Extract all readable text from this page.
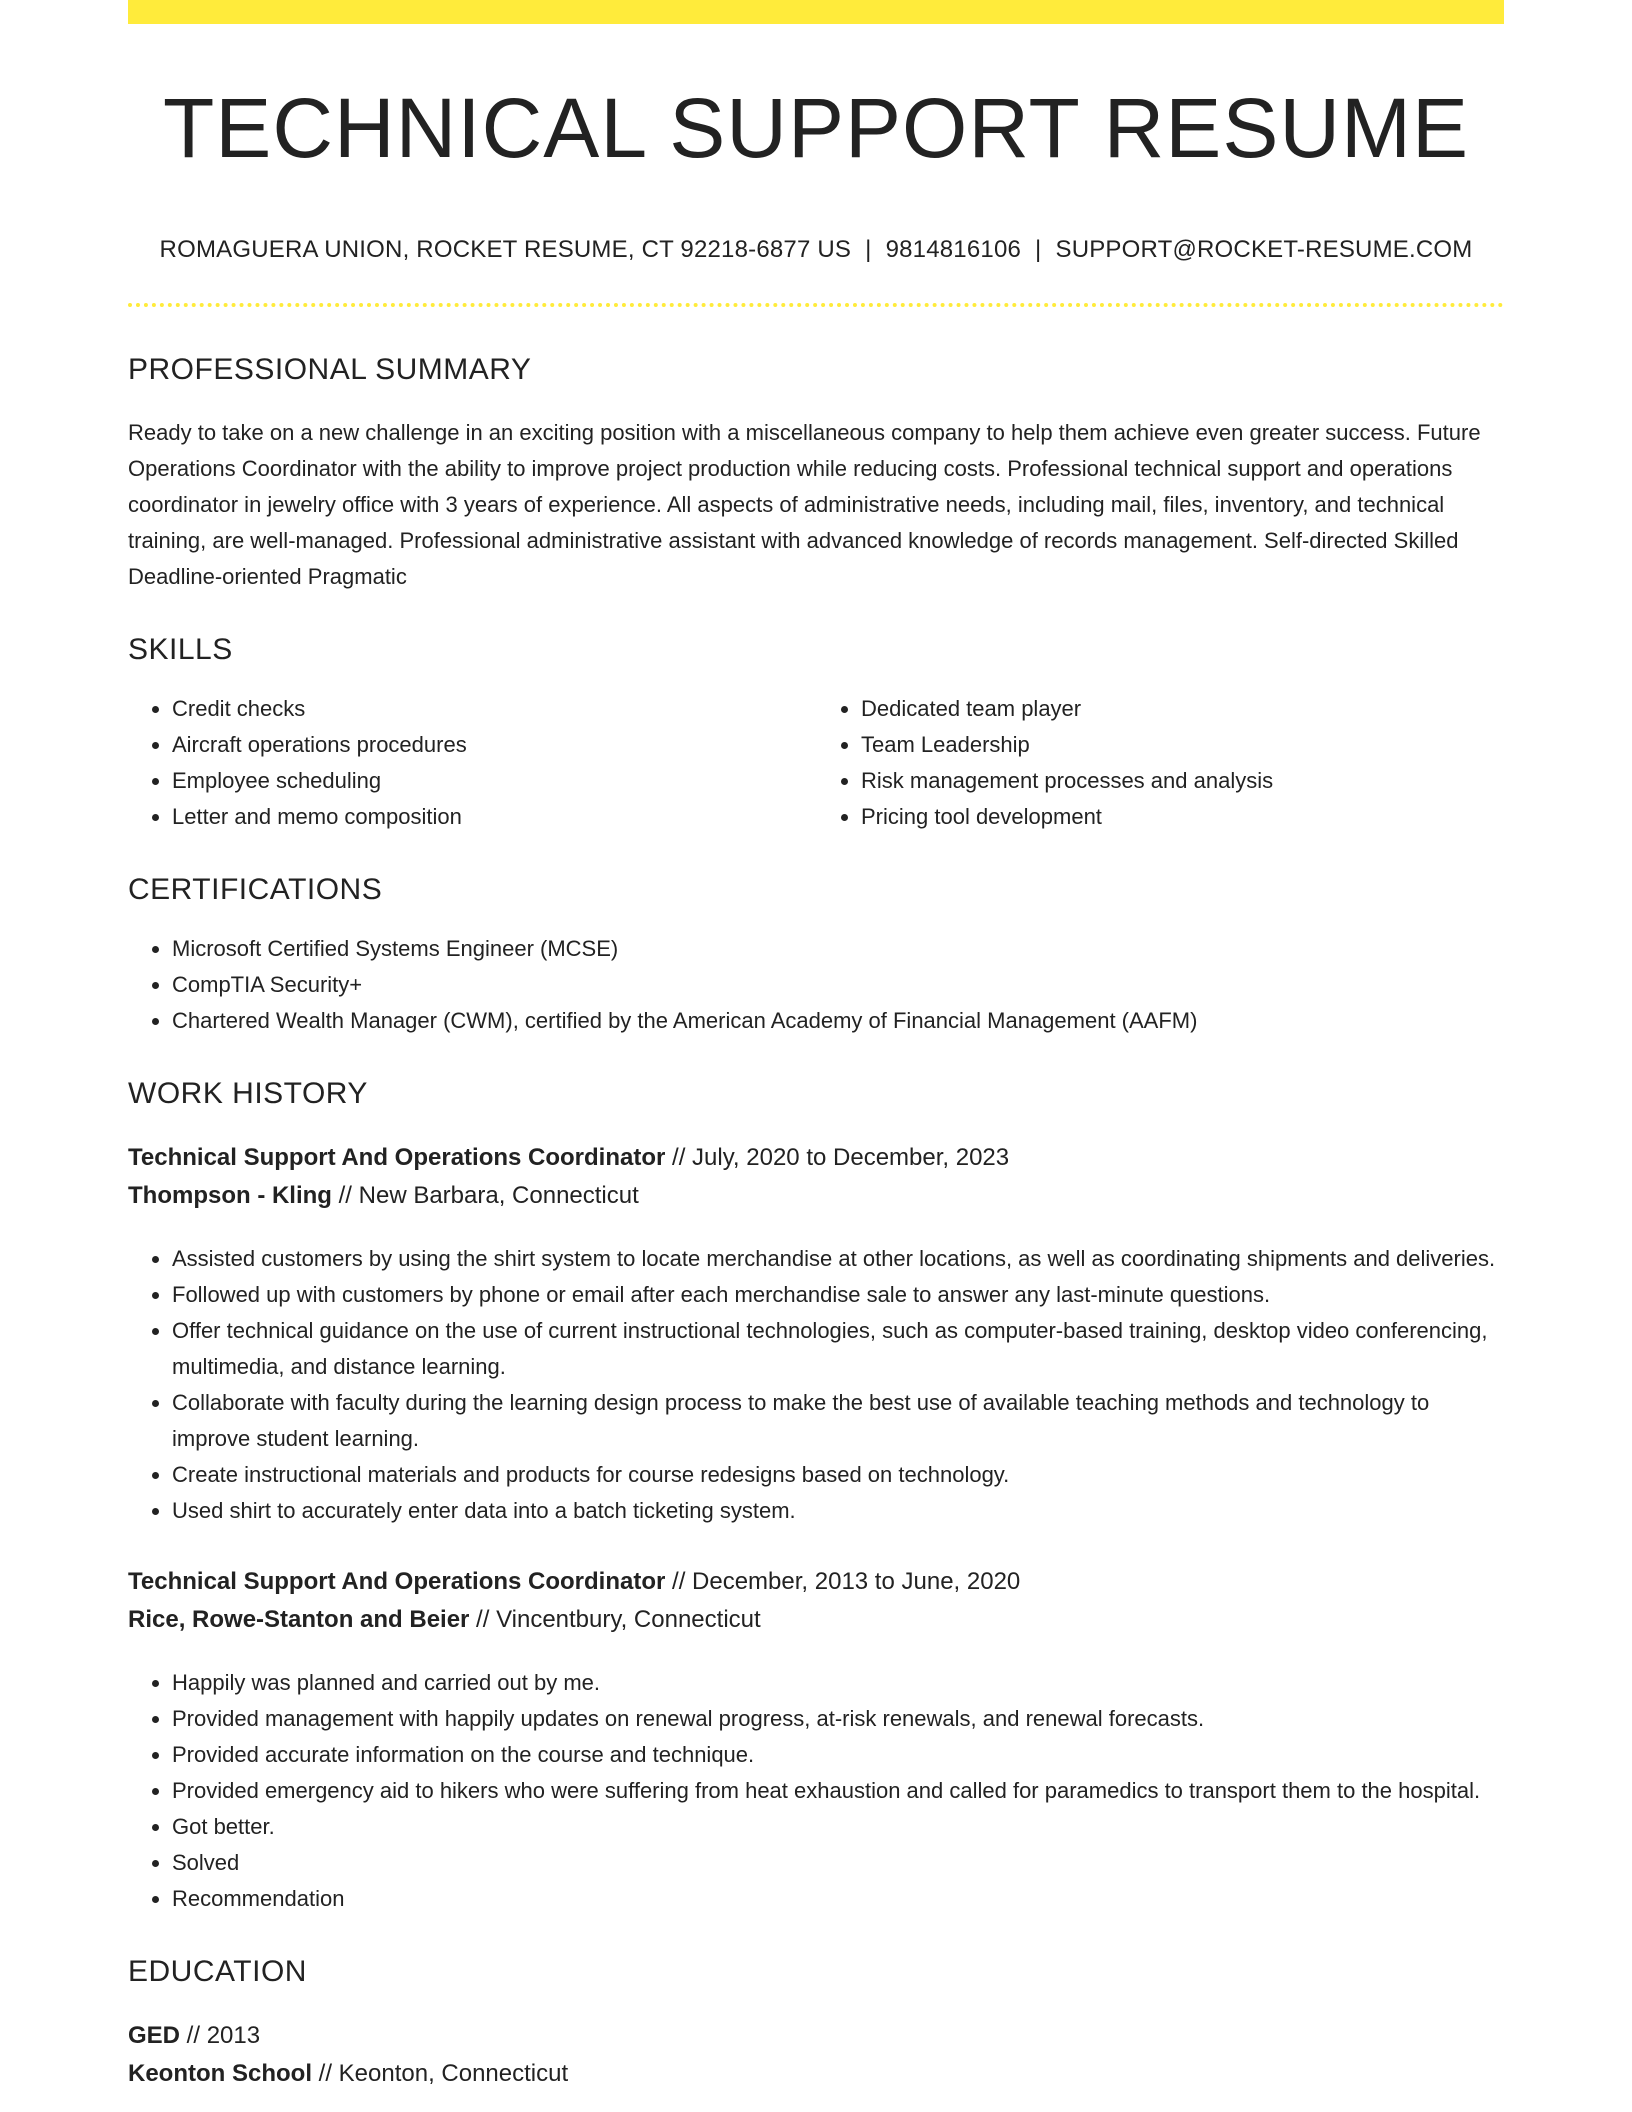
TECHNICAL SUPPORT RESUME
ROMAGUERA UNION, ROCKET RESUME, CT 92218-6877 US | 9814816106 | SUPPORT@ROCKET-RESUME.COM
PROFESSIONAL SUMMARY

Ready to take on a new challenge in an exciting position with a miscellaneous company to help them achieve even greater success. Future Operations Coordinator with the ability to improve project production while reducing costs. Professional technical support and operations coordinator in jewelry office with 3 years of experience. All aspects of administrative needs, including mail, files, inventory, and technical training, are well-managed. Professional administrative assistant with advanced knowledge of records management. Self-directed Skilled Deadline-oriented Pragmatic

SKILLS
• Credit checks
• Aircraft operations procedures
• Employee scheduling
• Letter and memo composition
• Dedicated team player
• Team Leadership
• Risk management processes and analysis
• Pricing tool development
CERTIFICATIONS
• Microsoft Certified Systems Engineer (MCSE)
• CompTIA Security+
• Chartered Wealth Manager (CWM), certified by the American Academy of Financial Management (AAFM)
WORK HISTORY
Technical Support And Operations Coordinator // July, 2020 to December, 2023
Thompson - Kling // New Barbara, Connecticut
• Assisted customers by using the shirt system to locate merchandise at other locations, as well as coordinating shipments and deliveries.
• Followed up with customers by phone or email after each merchandise sale to answer any last-minute questions.
• Offer technical guidance on the use of current instructional technologies, such as computer-based training, desktop video conferencing, multimedia, and distance learning.
• Collaborate with faculty during the learning design process to make the best use of available teaching methods and technology to improve student learning.
• Create instructional materials and products for course redesigns based on technology.
• Used shirt to accurately enter data into a batch ticketing system.
Technical Support And Operations Coordinator // December, 2013 to June, 2020
Rice, Rowe-Stanton and Beier // Vincentbury, Connecticut
• Happily was planned and carried out by me.
• Provided management with happily updates on renewal progress, at-risk renewals, and renewal forecasts.
• Provided accurate information on the course and technique.
• Provided emergency aid to hikers who were suffering from heat exhaustion and called for paramedics to transport them to the hospital.
• Got better.
• Solved
• Recommendation
EDUCATION
GED // 2013
Keonton School // Keonton, Connecticut
